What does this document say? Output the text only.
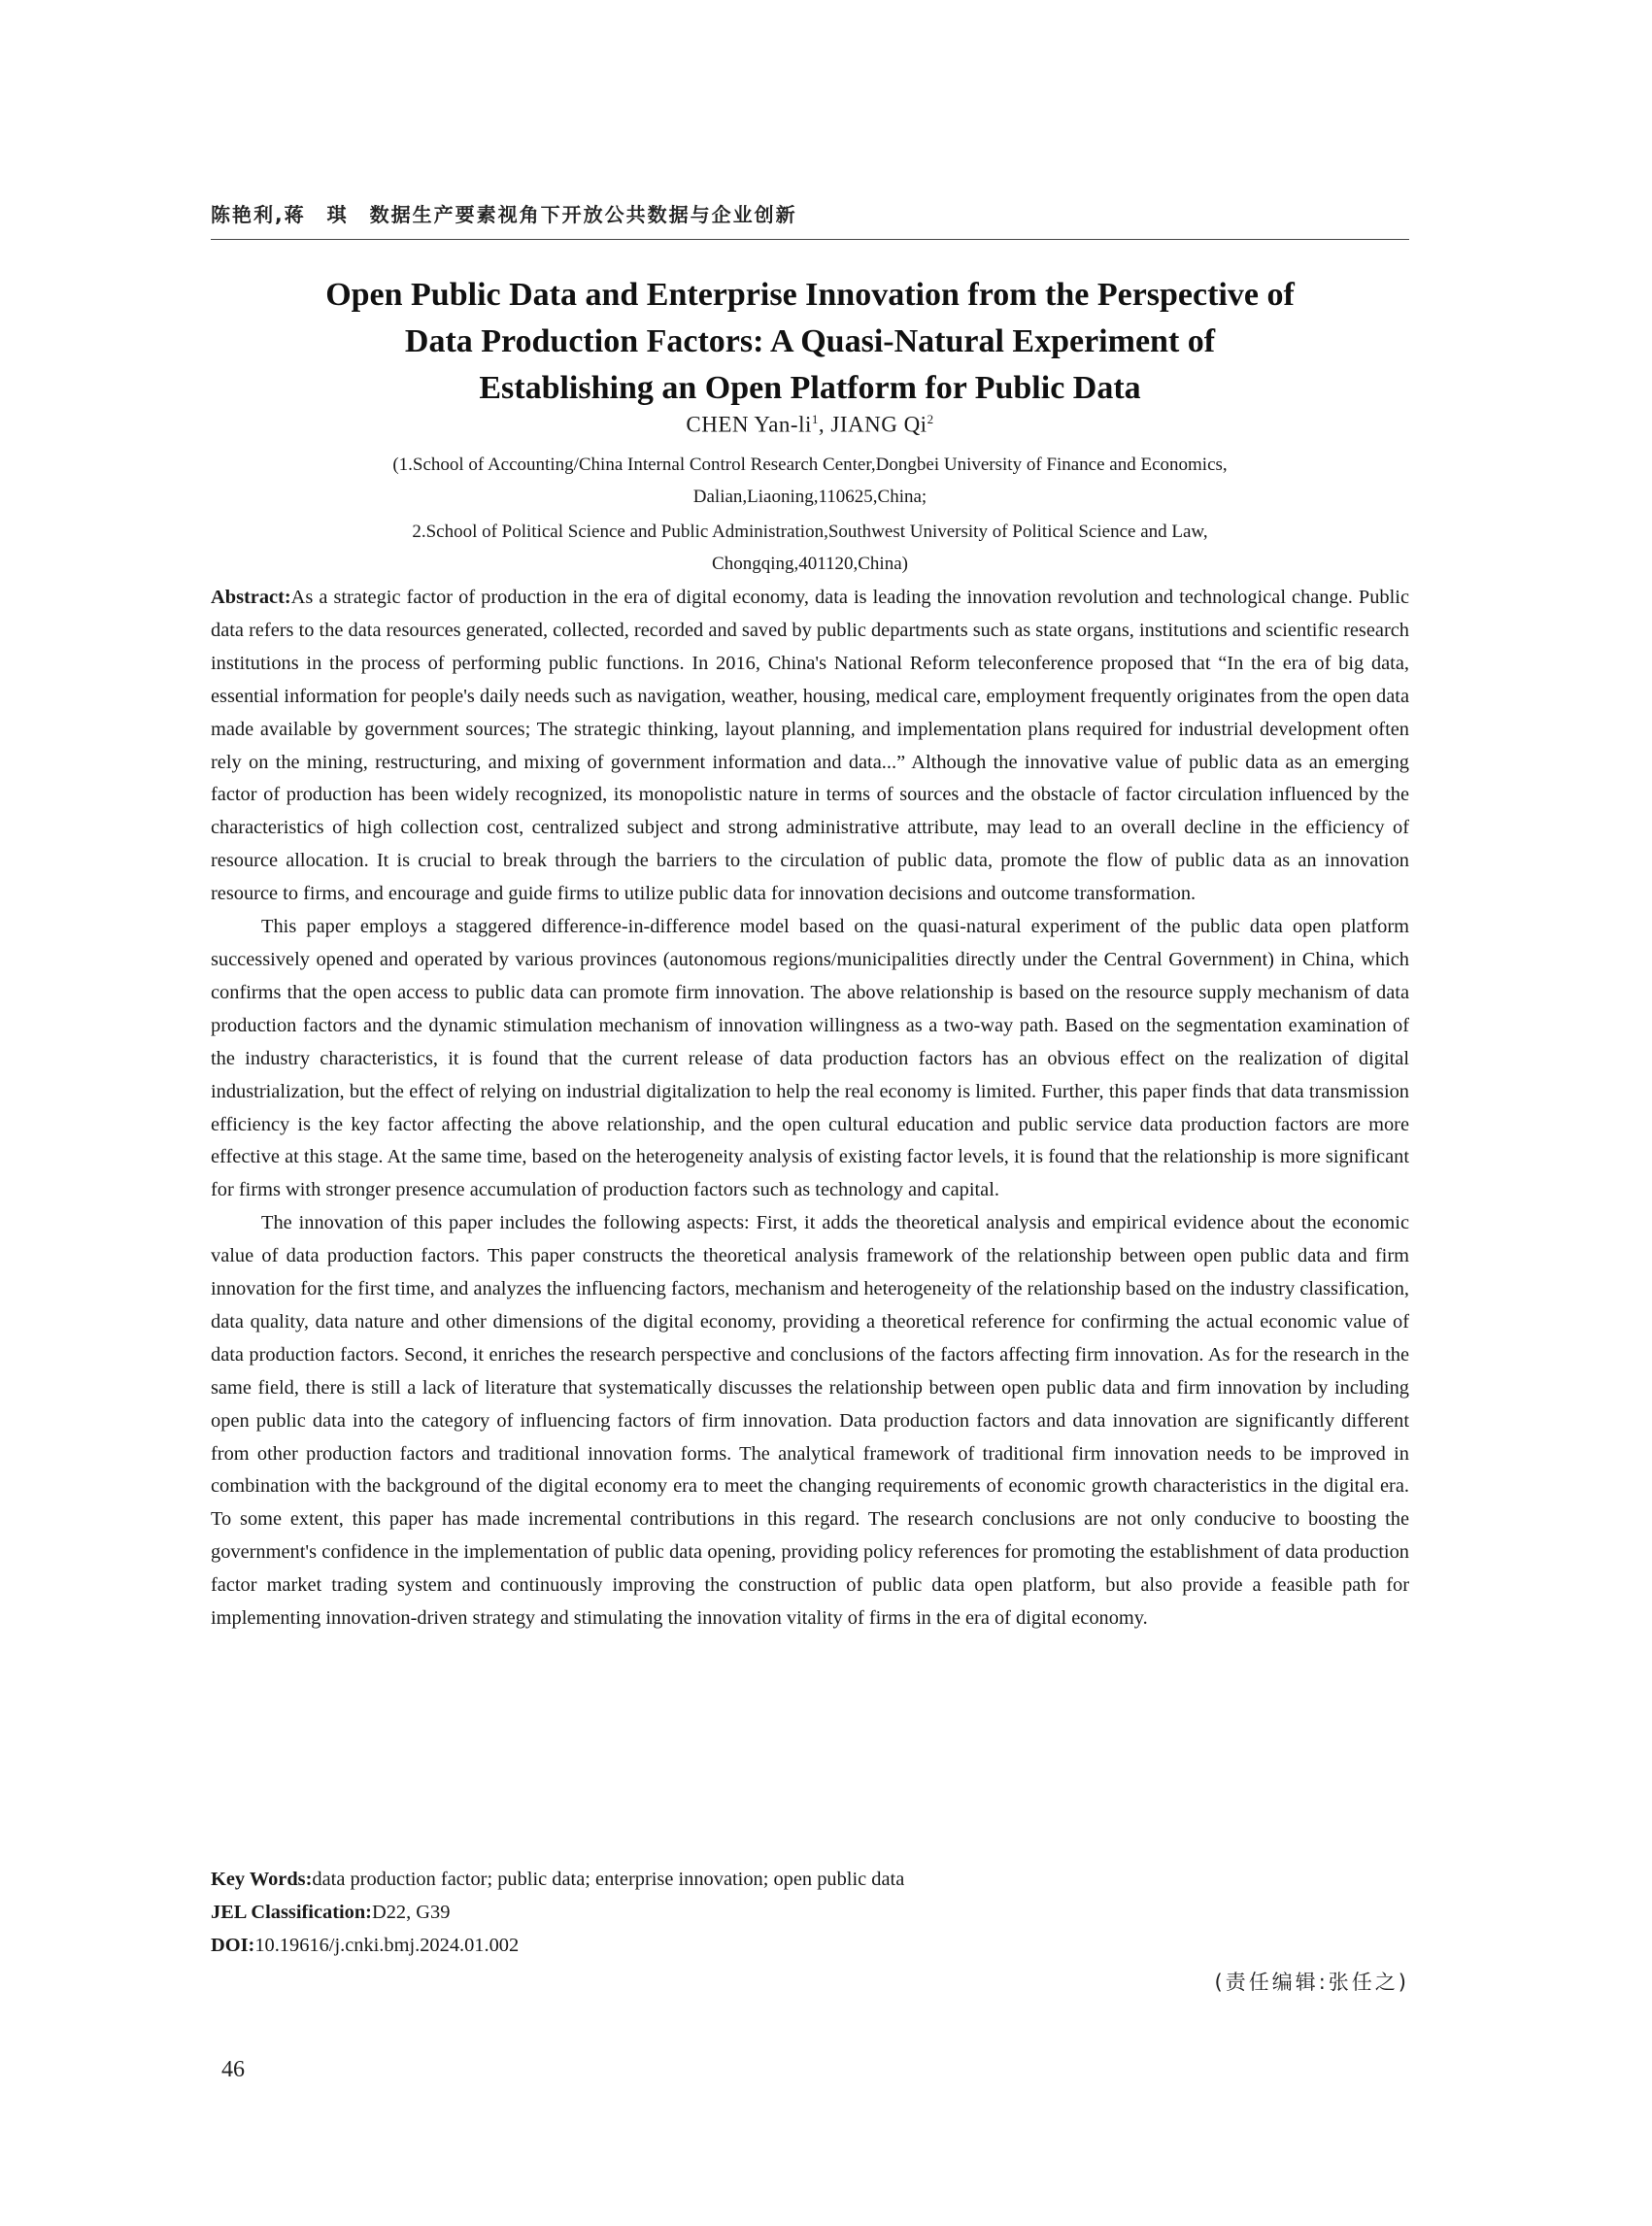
陈艳利,蒋　琪　数据生产要素视角下开放公共数据与企业创新
Open Public Data and Enterprise Innovation from the Perspective of
Data Production Factors: A Quasi-Natural Experiment of
Establishing an Open Platform for Public Data
CHEN Yan-$li^1$, JIANG Qi$^2$
(1.School of Accounting/China Internal Control Research Center,Dongbei University of Finance and Economics,
Dalian,Liaoning,110625,China;
2.School of Political Science and Public Administration,Southwest University of Political Science and Law,
Chongqing,401120,China)

Abstract:As a strategic factor of production in the era of digital economy, data is leading the innovation revolution and technological change. Public data refers to the data resources generated, collected, recorded and saved by public departments such as state organs, institutions and scientific research institutions in the process of performing public functions. In 2016, China's National Reform teleconference proposed that “In the era of big data, essential information for people's daily needs such as navigation, weather, housing, medical care, employment frequently originates from the open data made available by government sources; The strategic thinking, layout planning, and implementation plans required for industrial development often rely on the mining, restructuring, and mixing of government information and data...” Although the innovative value of public data as an emerging factor of production has been widely recognized, its monopolistic nature in terms of sources and the obstacle of factor circulation influenced by the characteristics of high collection cost, centralized subject and strong administrative attribute, may lead to an overall decline in the efficiency of resource allocation. It is crucial to break through the barriers to the circulation of public data, promote the flow of public data as an innovation resource to firms, and encourage and guide firms to utilize public data for innovation decisions and outcome transformation.

This paper employs a staggered difference-in-difference model based on the quasi-natural experiment of the public data open platform successively opened and operated by various provinces (autonomous regions/municipalities directly under the Central Government) in China, which confirms that the open access to public data can promote firm innovation. The above relationship is based on the resource supply mechanism of data production factors and the dynamic stimulation mechanism of innovation willingness as a two-way path. Based on the segmentation examination of the industry characteristics, it is found that the current release of data production factors has an obvious effect on the realization of digital industrialization, but the effect of relying on industrial digitalization to help the real economy is limited. Further, this paper finds that data transmission efficiency is the key factor affecting the above relationship, and the open cultural education and public service data production factors are more effective at this stage. At the same time, based on the heterogeneity analysis of existing factor levels, it is found that the relationship is more significant for firms with stronger presence accumulation of production factors such as technology and capital.

The innovation of this paper includes the following aspects: First, it adds the theoretical analysis and empirical evidence about the economic value of data production factors. This paper constructs the theoretical analysis framework of the relationship between open public data and firm innovation for the first time, and analyzes the influencing factors, mechanism and heterogeneity of the relationship based on the industry classification, data quality, data nature and other dimensions of the digital economy, providing a theoretical reference for confirming the actual economic value of data production factors. Second, it enriches the research perspective and conclusions of the factors affecting firm innovation. As for the research in the same field, there is still a lack of literature that systematically discusses the relationship between open public data and firm innovation by including open public data into the category of influencing factors of firm innovation. Data production factors and data innovation are significantly different from other production factors and traditional innovation forms. The analytical framework of traditional firm innovation needs to be improved in combination with the background of the digital economy era to meet the changing requirements of economic growth characteristics in the digital era. To some extent, this paper has made incremental contributions in this regard. The research conclusions are not only conducive to boosting the government's confidence in the implementation of public data opening, providing policy references for promoting the establishment of data production factor market trading system and continuously improving the construction of public data open platform, but also provide a feasible path for implementing innovation-driven strategy and stimulating the innovation vitality of firms in the era of digital economy.

Key Words:data production factor; public data; enterprise innovation; open public data
JEL Classification:D22, G39
DOI:10.19616/j.cnki.bmj.2024.01.002
(责任编辑:张任之)
46
